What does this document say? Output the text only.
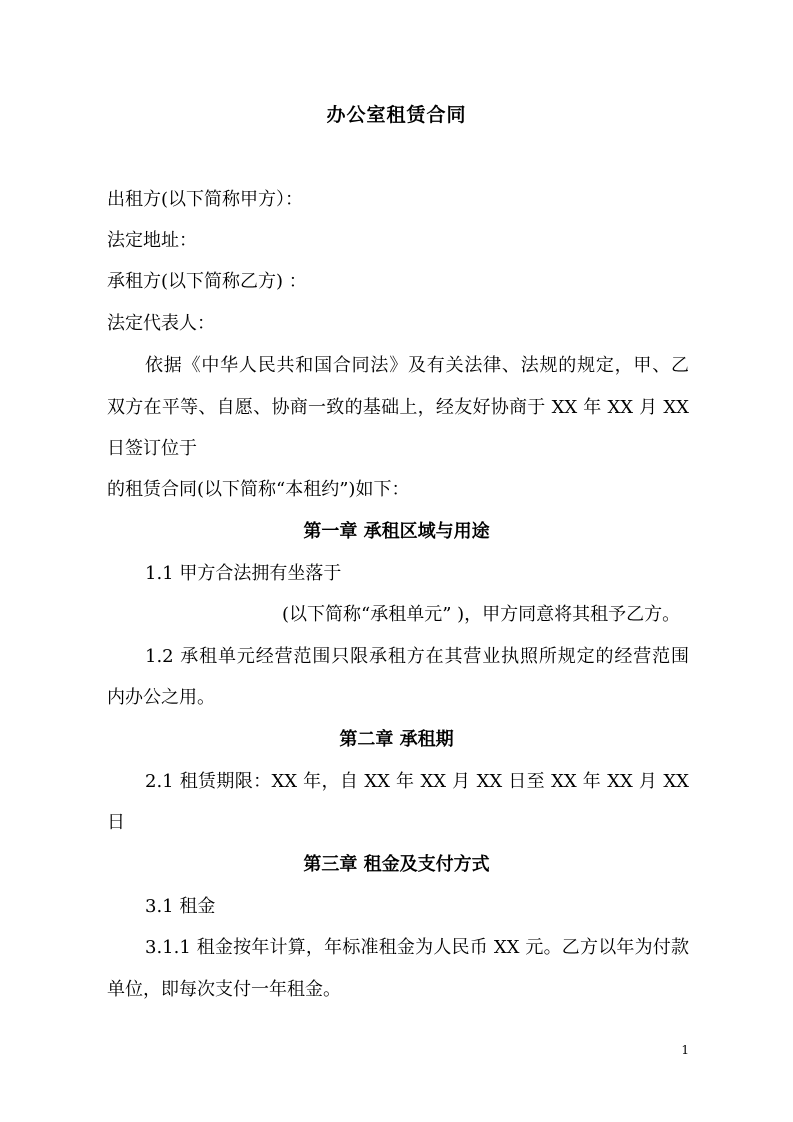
办公室租赁合同
出租方(以下简称甲方）：
法定地址：
承租方(以下简称乙方) ：
法定代表人：
依据《中华人民共和国合同法》及有关法律、法规的规定，甲、乙
双方在平等、自愿、协商一致的基础上，经友好协商于 XX 年 XX 月 XX
日签订位于
的租赁合同(以下简称“本租约”)如下：
第一章 承租区域与用途
1.1 甲方合法拥有坐落于
(以下简称“承租单元” )，甲方同意将其租予乙方。
1.2 承租单元经营范围只限承租方在其营业执照所规定的经营范围
内办公之用。
第二章 承租期
2.1 租赁期限：XX 年，自 XX 年 XX 月 XX 日至 XX 年 XX 月 XX
日
第三章 租金及支付方式
3.1 租金
3.1.1 租金按年计算，年标准租金为人民币 XX 元。乙方以年为付款
单位，即每次支付一年租金。
1
